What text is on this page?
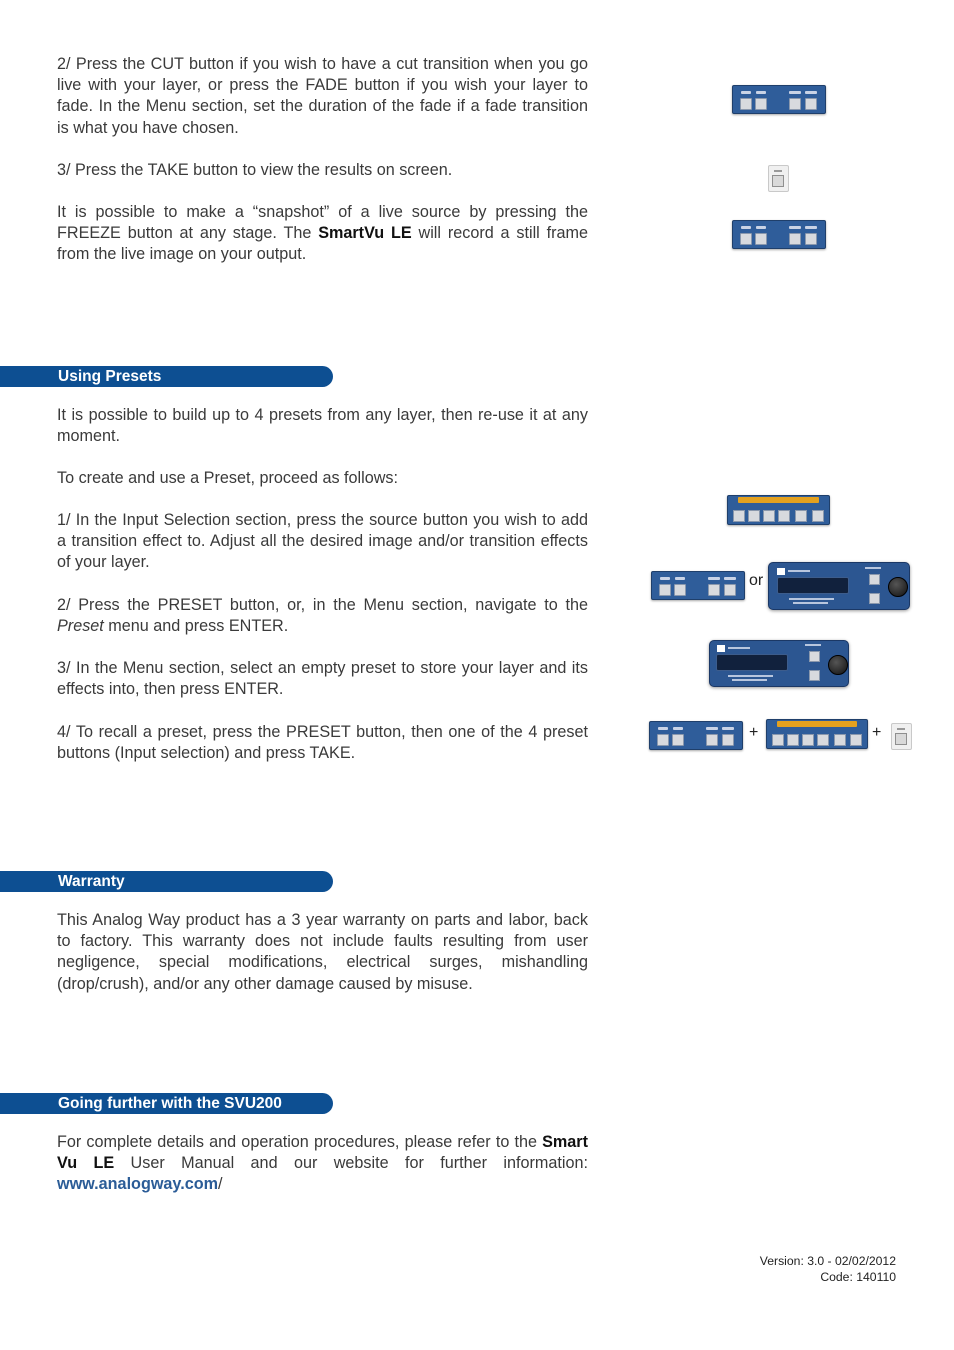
2/ Press the CUT button if you wish to have a cut transition when you go live with your layer, or press the FADE button if you wish your layer to fade. In the Menu section, set the duration of the fade if a fade transition is what you have chosen.

3/ Press the TAKE button to view the results on screen.

It is possible to make a “snapshot” of a live source by pressing the FREEZE button at any stage. The SmartVu LE will record a still frame from the live image on your output.

Using Presets

It is possible to build up to 4 presets from any layer, then re-use it at any moment.

To create and use a Preset, proceed as follows:

1/ In the Input Selection section, press the source button you wish to add a transition effect to. Adjust all the desired image and/or transition effects of your layer.

2/ Press the PRESET button, or, in the Menu section, navigate to the Preset menu and press ENTER.

3/ In the Menu section, select an empty preset to store your layer and its effects into, then press ENTER.

4/ To recall a preset, press the PRESET button, then one of the 4 preset buttons (Input selection) and press TAKE.

Warranty

This Analog Way product has a 3 year warranty on parts and labor, back to factory. This warranty does not include faults resulting from user negligence, special modifications, electrical surges, mishandling (drop/crush), and/or any other damage caused by misuse.

Going further with the SVU200

For complete details and operation procedures, please refer to the Smart Vu LE User Manual and our website for further information: www.analogway.com/

or
+	+
Version: 3.0 - 02/02/2012
Code: 140110
